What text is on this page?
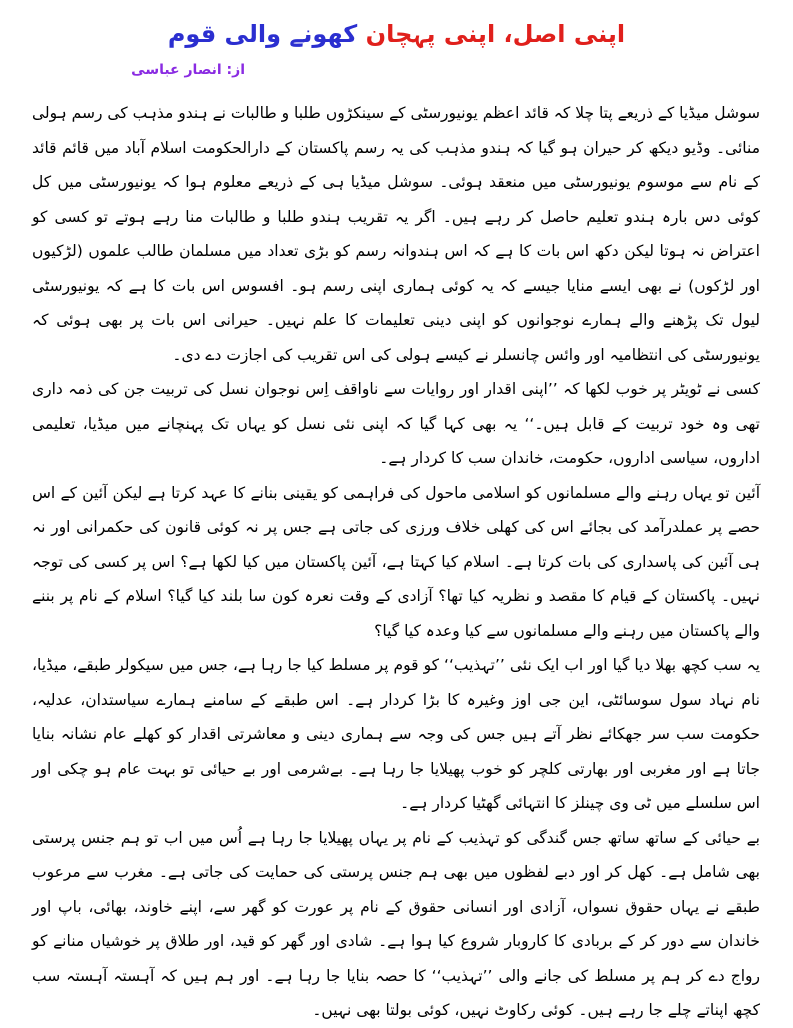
اپنی اصل، اپنی پہچان کھونے والی قوم
از: انصار عباسی

سوشل میڈیا کے ذریعے پتا چلا کہ قائد اعظم یونیورسٹی کے سینکڑوں طلبا و طالبات نے ہندو مذہب کی رسم ہولی منائی۔ وڈیو دیکھ کر حیران ہو گیا کہ ہندو مذہب کی یہ رسم پاکستان کے دارالحکومت اسلام آباد میں قائم قائد کے نام سے موسوم یونیورسٹی میں منعقد ہوئی۔ سوشل میڈیا ہی کے ذریعے معلوم ہوا کہ یونیورسٹی میں کل کوئی دس بارہ ہندو تعلیم حاصل کر رہے ہیں۔ اگر یہ تقریب ہندو طلبا و طالبات منا رہے ہوتے تو کسی کو اعتراض نہ ہوتا لیکن دکھ اس بات کا ہے کہ اس ہندوانہ رسم کو بڑی تعداد میں مسلمان طالب علموں (لڑکیوں اور لڑکوں) نے بھی ایسے منایا جیسے کہ یہ کوئی ہماری اپنی رسم ہو۔ افسوس اس بات کا ہے کہ یونیورسٹی لیول تک پڑھنے والے ہمارے نوجوانوں کو اپنی دینی تعلیمات کا علم نہیں۔ حیرانی اس بات پر بھی ہوئی کہ یونیورسٹی کی انتظامیہ اور وائس چانسلر نے کیسے ہولی کی اس تقریب کی اجازت دے دی۔

کسی نے ٹویٹر پر خوب لکھا کہ ’’اپنی اقدار اور روایات سے ناواقف اِس نوجوان نسل کی تربیت جن کی ذمہ داری تھی وہ خود تربیت کے قابل ہیں۔‘‘ یہ بھی کہا گیا کہ اپنی نئی نسل کو یہاں تک پہنچانے میں میڈیا، تعلیمی اداروں، سیاسی اداروں، حکومت، خاندان سب کا کردار ہے۔

آئین تو یہاں رہنے والے مسلمانوں کو اسلامی ماحول کی فراہمی کو یقینی بنانے کا عہد کرتا ہے لیکن آئین کے اس حصے پر عملدرآمد کی بجائے اس کی کھلی خلاف ورزی کی جاتی ہے جس پر نہ کوئی قانون کی حکمرانی اور نہ ہی آئین کی پاسداری کی بات کرتا ہے۔ اسلام کیا کہتا ہے، آئین پاکستان میں کیا لکھا ہے؟ اس پر کسی کی توجہ نہیں۔ پاکستان کے قیام کا مقصد و نظریہ کیا تھا؟ آزادی کے وقت نعرہ کون سا بلند کیا گیا؟ اسلام کے نام پر بننے والے پاکستان میں رہنے والے مسلمانوں سے کیا وعدہ کیا گیا؟

یہ سب کچھ بھلا دیا گیا اور اب ایک نئی ’’تہذیب‘‘ کو قوم پر مسلط کیا جا رہا ہے، جس میں سیکولر طبقے، میڈیا، نام نہاد سول سوسائٹی، این جی اوز وغیرہ کا بڑا کردار ہے۔ اس طبقے کے سامنے ہمارے سیاستدان، عدلیہ، حکومت سب سر جھکائے نظر آتے ہیں جس کی وجہ سے ہماری دینی و معاشرتی اقدار کو کھلے عام نشانہ بنایا جاتا ہے اور مغربی اور بھارتی کلچر کو خوب پھیلایا جا رہا ہے۔ بےشرمی اور بے حیائی تو بہت عام ہو چکی اور اس سلسلے میں ٹی وی چینلز کا انتہائی گھٹیا کردار ہے۔

بے حیائی کے ساتھ ساتھ جس گندگی کو تہذیب کے نام پر یہاں پھیلایا جا رہا ہے اُس میں اب تو ہم جنس پرستی بھی شامل ہے۔ کھل کر اور دبے لفظوں میں بھی ہم جنس پرستی کی حمایت کی جاتی ہے۔ مغرب سے مرعوب طبقے نے یہاں حقوق نسواں، آزادی اور انسانی حقوق کے نام پر عورت کو گھر سے، اپنے خاوند، بھائی، باپ اور خاندان سے دور کر کے بربادی کا کاروبار شروع کیا ہوا ہے۔ شادی اور گھر کو قید، اور طلاق پر خوشیاں منانے کو رواج دے کر ہم پر مسلط کی جانے والی ’’تہذیب‘‘ کا حصہ بنایا جا رہا ہے۔ اور ہم ہیں کہ آہستہ آہستہ سب کچھ اپناتے چلے جا رہے ہیں۔ کوئی رکاوٹ نہیں، کوئی بولتا بھی نہیں۔
